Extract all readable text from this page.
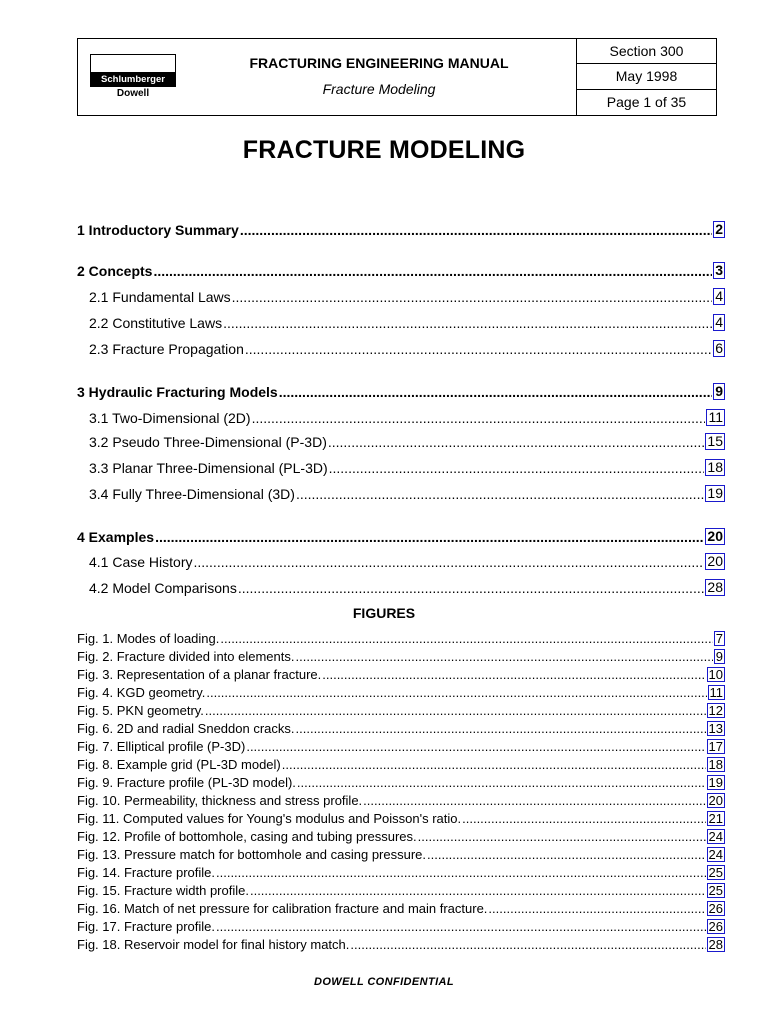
Schlumberger
Dowell
FRACTURING ENGINEERING MANUAL
Fracture Modeling
Section 300
May 1998
Page 1 of 35
FRACTURE MODELING
1 Introductory Summary .....	2
2 Concepts .....	3
2.1 Fundamental Laws .....	4
2.2 Constitutive Laws .....	4
2.3 Fracture Propagation .....	6
3 Hydraulic Fracturing Models .....	9
3.1 Two-Dimensional (2D) .....	11
3.2 Pseudo Three-Dimensional (P-3D) .....	15
3.3 Planar Three-Dimensional (PL-3D) .....	18
3.4 Fully Three-Dimensional (3D) .....	19
4 Examples .....	20
4.1 Case History .....	20
4.2 Model Comparisons .....	28
FIGURES
Fig. 1. Modes of loading. .....	7
Fig. 2. Fracture divided into elements. .....	9
Fig. 3. Representation of a planar fracture. .....	10
Fig. 4. KGD geometry. .....	11
Fig. 5. PKN geometry. .....	12
Fig. 6. 2D and radial Sneddon cracks. .....	13
Fig. 7. Elliptical profile (P-3D) .....	17
Fig. 8. Example grid (PL-3D model) .....	18
Fig. 9. Fracture profile (PL-3D model). .....	19
Fig. 10. Permeability, thickness and stress profile. .....	20
Fig. 11. Computed values for Young's modulus and Poisson's ratio. .....	21
Fig. 12. Profile of bottomhole, casing and tubing pressures. .....	24
Fig. 13. Pressure match for bottomhole and casing pressure. .....	24
Fig. 14. Fracture profile. .....	25
Fig. 15. Fracture width profile. .....	25
Fig. 16. Match of net pressure for calibration fracture and main fracture. .....	26
Fig. 17. Fracture profile. .....	26
Fig. 18. Reservoir model for final history match. .....	28
DOWELL CONFIDENTIAL
